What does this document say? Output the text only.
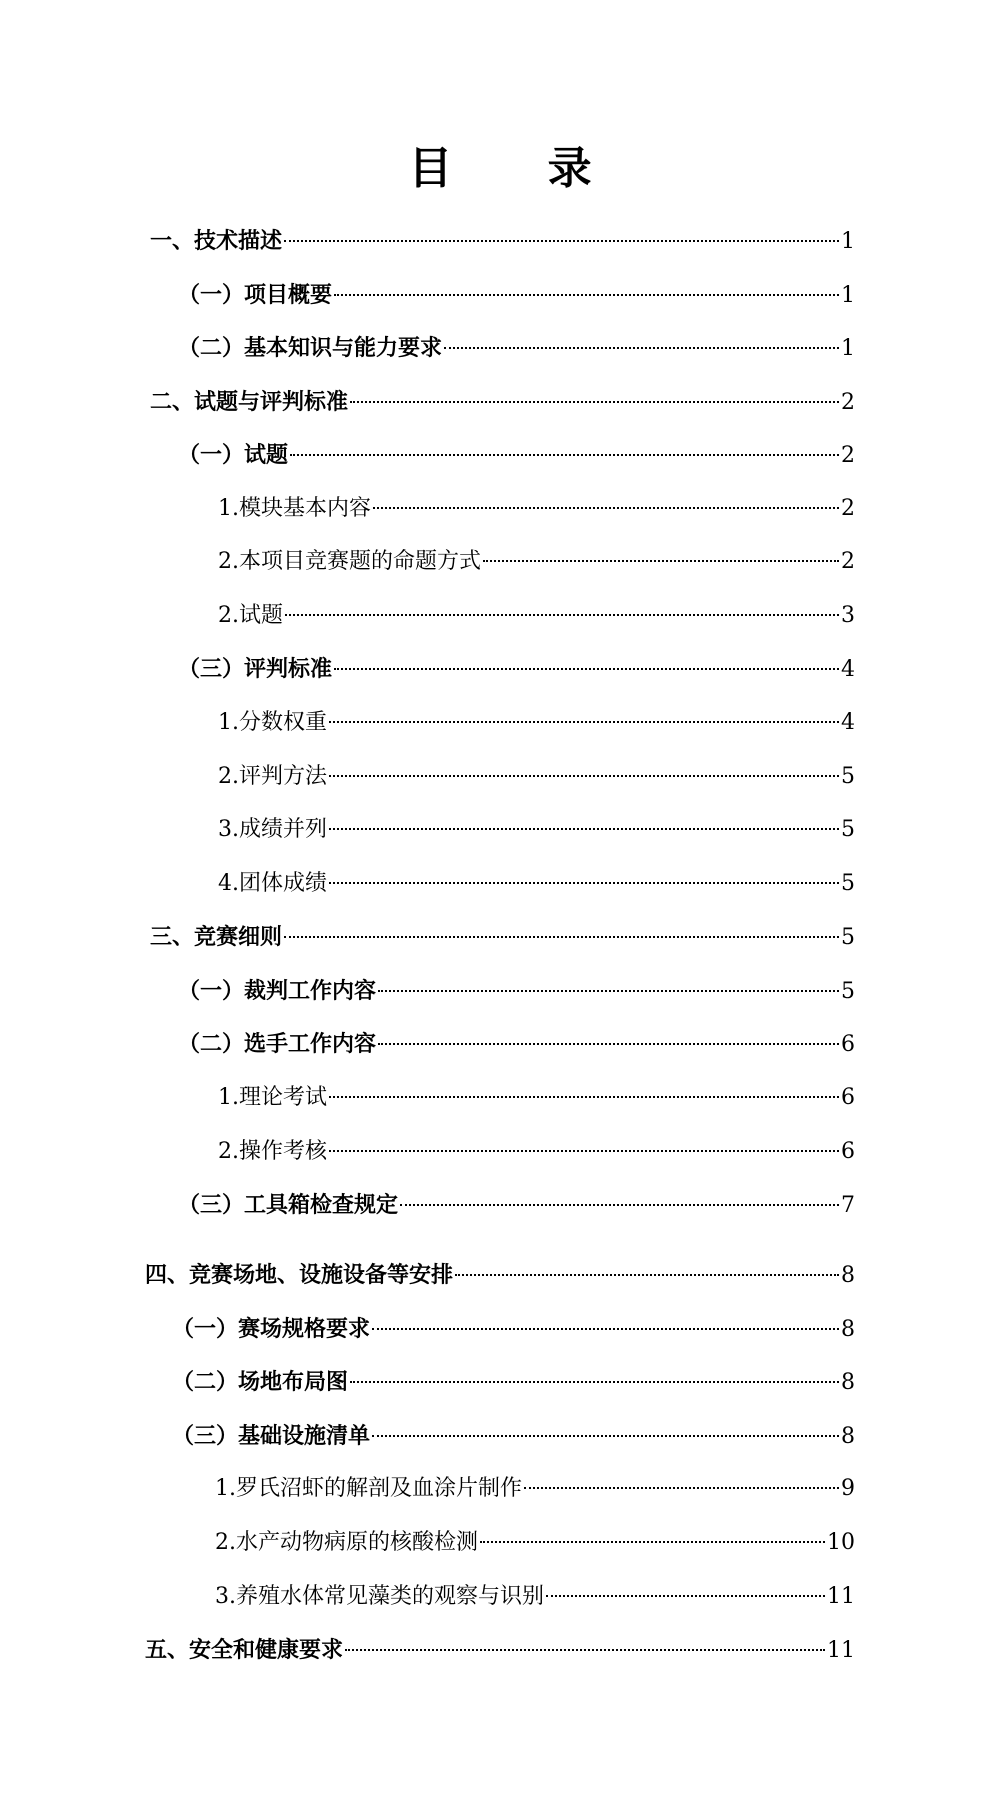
目 录
一、技术描述	1
（一）项目概要	1
（二）基本知识与能力要求	1
二、试题与评判标准	2
（一）试题	2
1.模块基本内容	2
2.本项目竞赛题的命题方式	2
2.试题	3
（三）评判标准	4
1.分数权重	4
2.评判方法	5
3.成绩并列	5
4.团体成绩	5
三、竞赛细则	5
（一）裁判工作内容	5
（二）选手工作内容	6
1.理论考试	6
2.操作考核	6
（三）工具箱检查规定	7
四、竞赛场地、设施设备等安排	8
（一）赛场规格要求	8
（二）场地布局图	8
（三）基础设施清单	8
1.罗氏沼虾的解剖及血涂片制作	9
2.水产动物病原的核酸检测	10
3.养殖水体常见藻类的观察与识别	11
五、安全和健康要求	11
